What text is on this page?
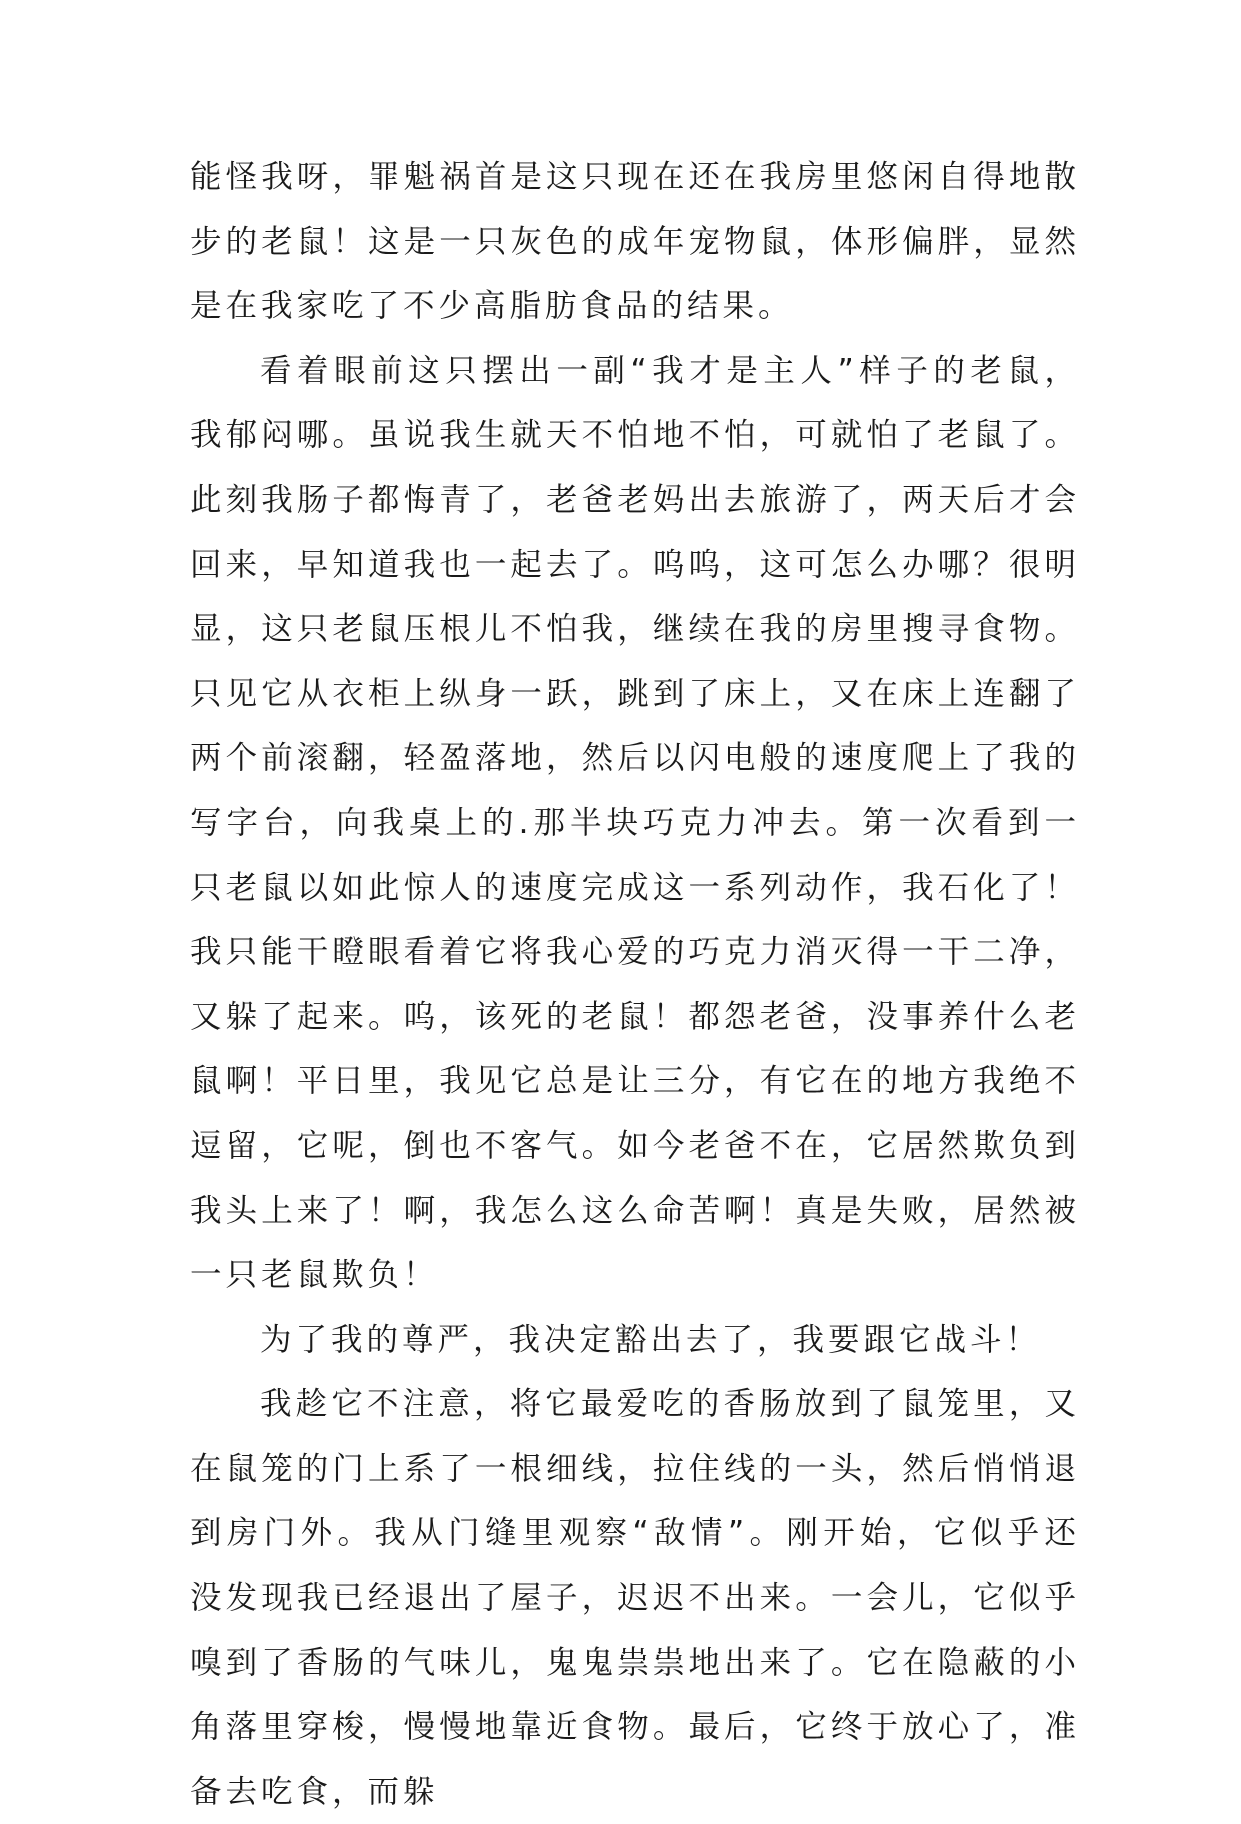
能怪我呀，罪魁祸首是这只现在还在我房里悠闲自得地散步的老鼠！这是一只灰色的成年宠物鼠，体形偏胖，显然是在我家吃了不少高脂肪食品的结果。

看着眼前这只摆出一副“我才是主人”样子的老鼠，我郁闷哪。虽说我生就天不怕地不怕，可就怕了老鼠了。此刻我肠子都悔青了，老爸老妈出去旅游了，两天后才会回来，早知道我也一起去了。呜呜，这可怎么办哪？很明显，这只老鼠压根儿不怕我，继续在我的房里搜寻食物。只见它从衣柜上纵身一跃，跳到了床上，又在床上连翻了两个前滚翻，轻盈落地，然后以闪电般的速度爬上了我的写字台，向我桌上的.那半块巧克力冲去。第一次看到一只老鼠以如此惊人的速度完成这一系列动作，我石化了！我只能干瞪眼看着它将我心爱的巧克力消灭得一干二净，又躲了起来。呜，该死的老鼠！都怨老爸，没事养什么老鼠啊！平日里，我见它总是让三分，有它在的地方我绝不逗留，它呢，倒也不客气。如今老爸不在，它居然欺负到我头上来了！啊，我怎么这么命苦啊！真是失败，居然被一只老鼠欺负！

为了我的尊严，我决定豁出去了，我要跟它战斗！

我趁它不注意，将它最爱吃的香肠放到了鼠笼里，又在鼠笼的门上系了一根细线，拉住线的一头，然后悄悄退到房门外。我从门缝里观察“敌情”。刚开始，它似乎还没发现我已经退出了屋子，迟迟不出来。一会儿，它似乎嗅到了香肠的气味儿，鬼鬼祟祟地出来了。它在隐蔽的小角落里穿梭，慢慢地靠近食物。最后，它终于放心了，准备去吃食，而躲
